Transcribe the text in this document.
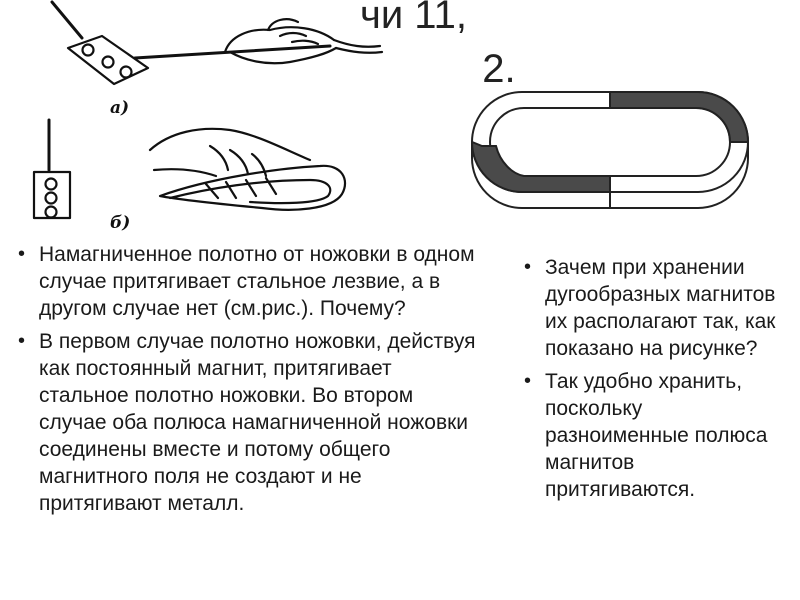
чи 11,
2.
а)
б)
• Намагниченное полотно от ножовки в одном случае притягивает стальное лезвие, а в другом случае нет (см.рис.). Почему?
• В первом случае полотно ножовки, действуя как постоянный магнит, притягивает стальное полотно ножовки. Во втором случае оба полюса намагниченной ножовки соединены вместе и потому общего магнитного поля не создают и не притягивают металл.
• Зачем при хранении дугообразных магнитов их располагают так, как показано на рисунке?
• Так удобно хранить, поскольку разноименные полюса магнитов притягиваются.
